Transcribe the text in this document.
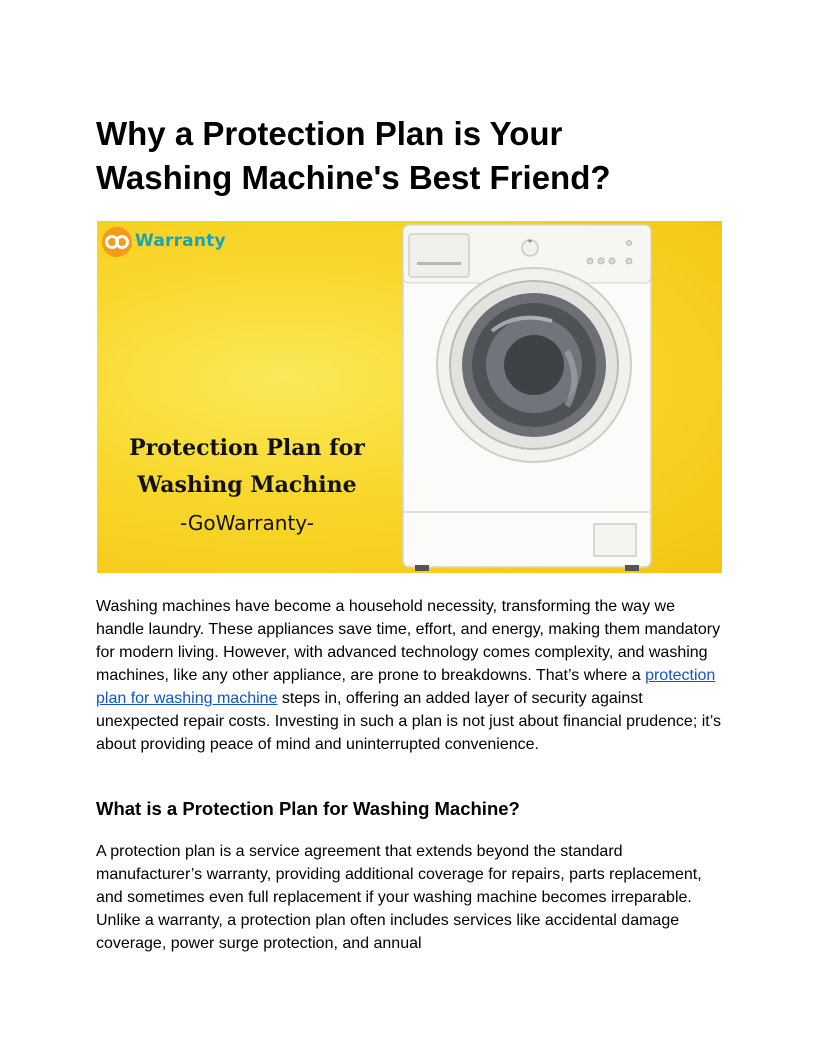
Why a Protection Plan is Your
Washing Machine's Best Friend?
Warranty
Protection Plan for
Washing Machine
-GoWarranty-

Washing machines have become a household necessity, transforming the way we handle laundry. These appliances save time, effort, and energy, making them mandatory for modern living. However, with advanced technology comes complexity, and washing machines, like any other appliance, are prone to breakdowns. That’s where a protection plan for washing machine steps in, offering an added layer of security against unexpected repair costs. Investing in such a plan is not just about financial prudence; it’s about providing peace of mind and uninterrupted convenience.

What is a Protection Plan for Washing Machine?

A protection plan is a service agreement that extends beyond the standard manufacturer’s warranty, providing additional coverage for repairs, parts replacement, and sometimes even full replacement if your washing machine becomes irreparable. Unlike a warranty, a protection plan often includes services like accidental damage coverage, power surge protection, and annual
